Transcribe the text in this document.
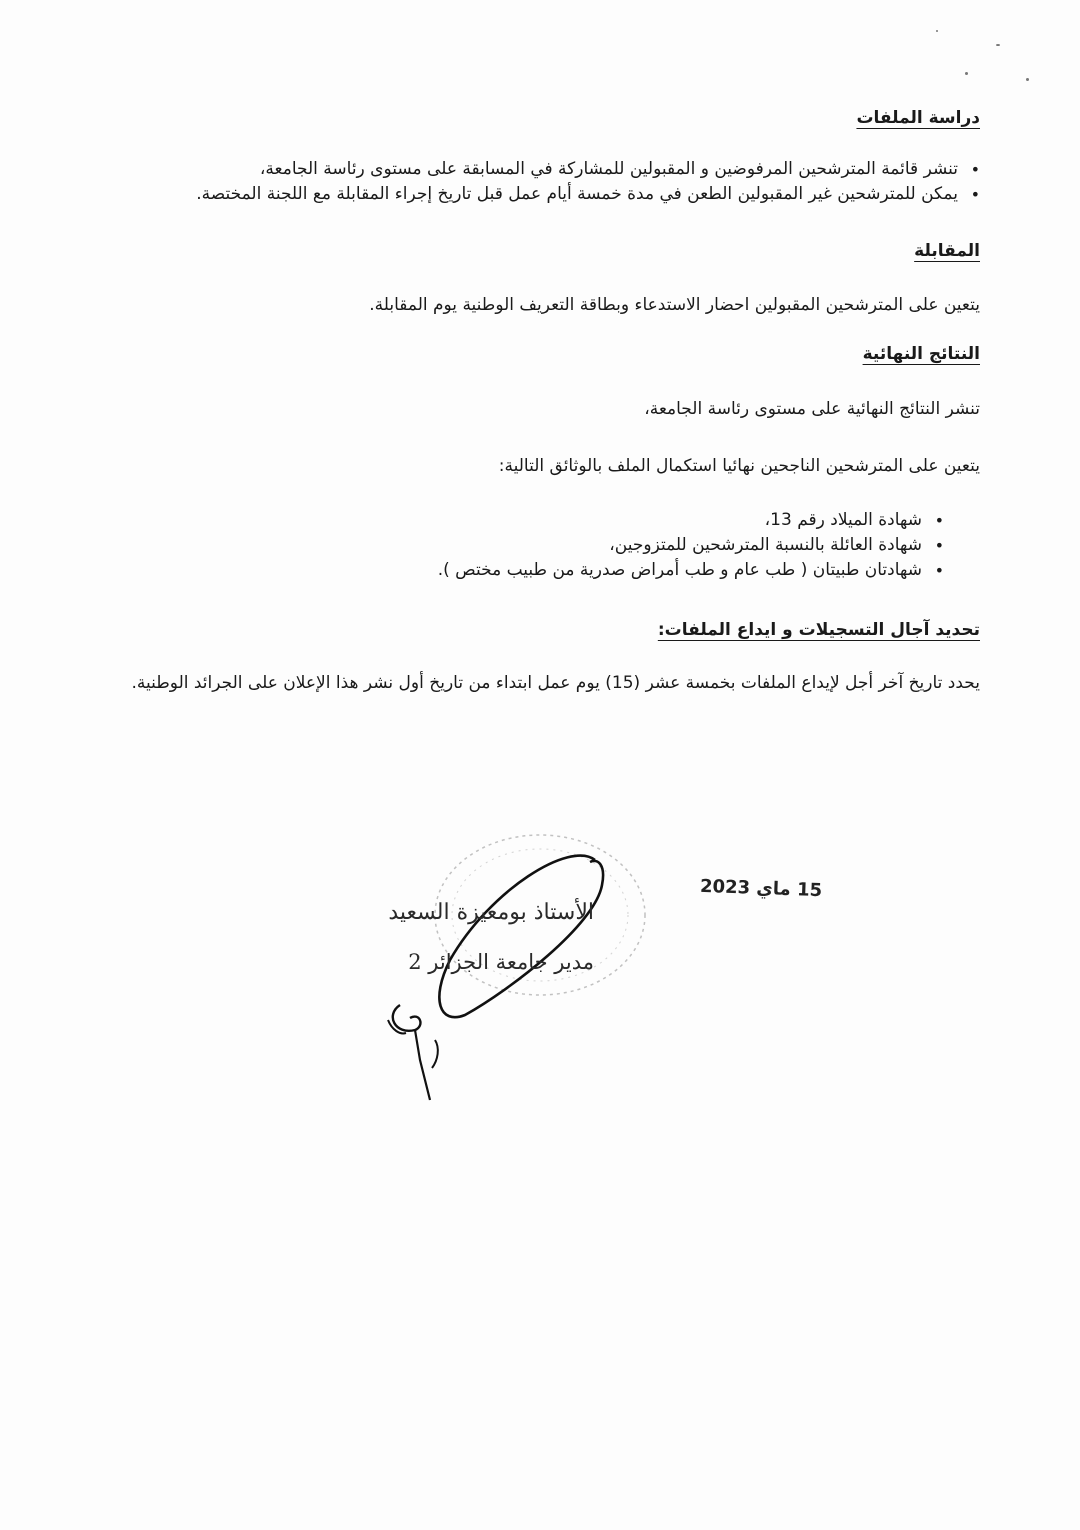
دراسة الملفات
• تنشر قائمة المترشحين المرفوضين و المقبولين للمشاركة في المسابقة على مستوى رئاسة الجامعة،
• يمكن للمترشحين غير المقبولين الطعن في مدة خمسة أيام عمل قبل تاريخ إجراء المقابلة مع اللجنة المختصة.
المقابلة
يتعين على المترشحين المقبولين احضار الاستدعاء وبطاقة التعريف الوطنية يوم المقابلة.
النتائج النهائية
تنشر النتائج النهائية على مستوى رئاسة الجامعة،
يتعين على المترشحين الناجحين نهائيا استكمال الملف بالوثائق التالية:
• شهادة الميلاد رقم 13،
• شهادة العائلة بالنسبة المترشحين للمتزوجين،
• شهادتان طبيتان ( طب عام و طب أمراض صدرية من طبيب مختص ).
تحديد آجال التسجيلات و ايداع الملفات:
يحدد تاريخ آخر أجل لإيداع الملفات بخمسة عشر (15) يوم عمل ابتداء من تاريخ أول نشر هذا الإعلان على الجرائد الوطنية.
الأستاذ بومعيزة السعيد
مدير جامعة الجزائر 2
15 ماي 2023
